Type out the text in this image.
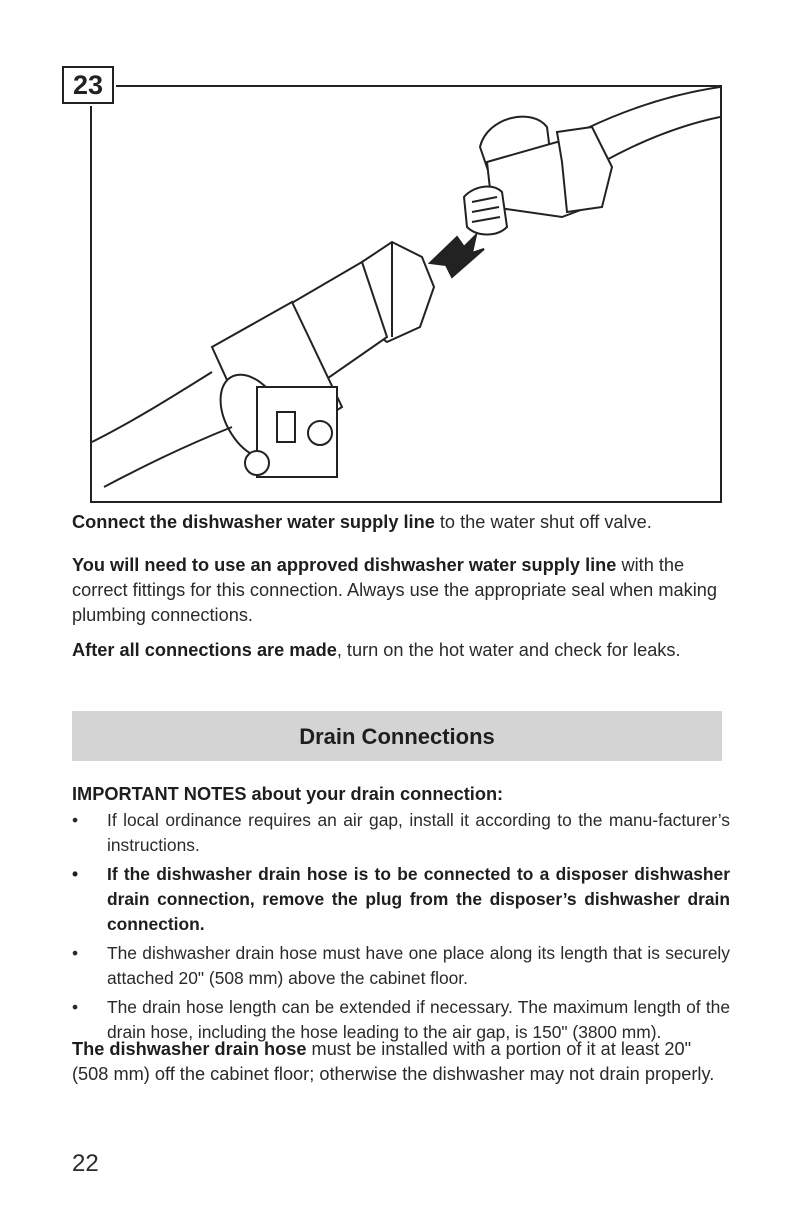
23

Connect the dishwasher water supply line to the water shut off valve.

You will need to use an approved dishwasher water supply line with the correct fittings for this connection. Always use the appropriate seal when making plumbing connections.

After all connections are made, turn on the hot water and check for leaks.

Drain Connections

IMPORTANT NOTES about your drain connection:

• If local ordinance requires an air gap, install it according to the manu-facturer’s instructions.
• If the dishwasher drain hose is to be connected to a disposer dishwasher drain connection, remove the plug from the disposer’s dishwasher drain connection.
• The dishwasher drain hose must have one place along its length that is securely attached 20" (508 mm) above the cabinet floor.
• The drain hose length can be extended if necessary. The maximum length of the drain hose, including the hose leading to the air gap, is 150" (3800 mm).

The dishwasher drain hose must be installed with a portion of it at least 20" (508 mm) off the cabinet floor; otherwise the dishwasher may not drain properly.

22
